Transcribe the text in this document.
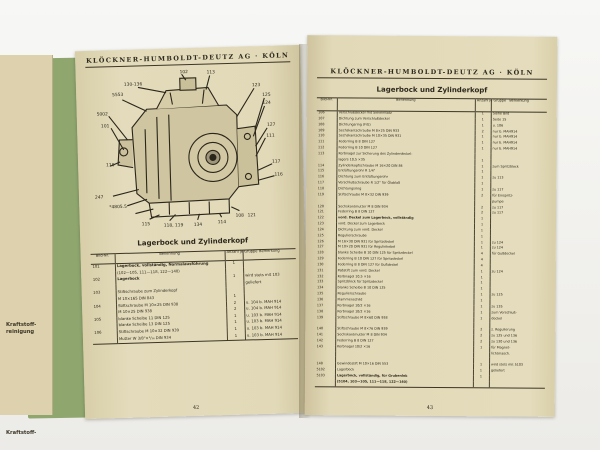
Kraftstoff-
reinigung
Kraftstoff-
KLÖCKNER-HUMBOLDT-DEUTZ AG · KÖLN
5553
130-136
102	113
123
125
124
5002
101	127
111
117
247
*4805.5
116
115	118, 119 134
114
108
110
121
Lagerbock und Zylinderkopf
Bild-Nr.	Benennung	Anzahl je Gruppe	Bemerkung
101	Lagerbock, vollständig, Normalausführung	1	
	(102—105, 111—118, 122—140)		
102	Lagerbock	1	wird stets mit 103
			geliefert
103	Stiftschraube zum Zylinderkopf		
	M 10×165 DIN 843	1	
104	Stiftschraube M 10×25 DIN 938	2	u. 104 b. MAH 914
	M 10×25 DIN 938	2	u. 104 b. MAH 914
105	blanke Scheibe 11 DIN 125	1	u. 103 b. MAH 914
	blanke Scheibe 13 DIN 125	1	u. 103 b. MAH 914
106	Stiftschraube M 10×32 DIN 939	1	u. 103 b. MAH 914
	Mutter W 3/8"×³/₁₆ DIN 934	1	u. 103 b. MAH 914
42
KLÖCKNER-HUMBOLDT-DEUTZ AG · KÖLN
Lagerbock und Zylinderkopf
Bild-Nr.	Benennung	Anzahl je Gruppe	Bemerkung
106	Verschlußdeckel mit Sieveinsatz	1	Siehe Bild
107	Dichtung zum Verschlußdeckel	1	Seite 15
108	Dichtungsring (Filz)	1	u. 106
109	Sechskantschraube M 8×25 DIN 933	2	nur b. MAH914
110	Sechskantschraube M 10×35 DIN 931	1	nur b. MAH914
111	Federring B 8 DIN 127	1	nur b. MAH914
112	Federring B 10 DIN 127	1	nur b. MAH914
113	Kerbnagel zur Sicherung des Zylinderdeckel-		
	lagers 10,5 ×35	1	
114	Zylinderkopfschraube M 16×20 DIN 84	1	zum Spritzblock
115	Entlüftungsrohr R 1/4"	1	
116	Dichtung zum Entlüftungsrohr	1	zu 113
117	Verschlußschraube R 1/2" für Ölablaß	1	
118	Dichtungsring	1	zu 117
119	Stiftschraube M 8×32 DIN 939	2	für Einspritz-
			pumpe
120	Sechskantmutter M 8 DIN 934	2	zu 117
121	Federring B 8 DIN 127	2	zu 117
122	vord. Deckel zum Lagerbock, vollständig	1	
123	vord. Deckel zum Lagerbock	1	
124	Dichtung zum vord. Deckel	1	
125	Regulierschraube	1	
126	M 16×30 DIN 931 für Spritzdeckel	1	zu 124
127	M 10×20 DIN 931 für Reguliehebel	1	zu 124
128	blanke Scheibe B 10 DIN 125 für Spritzdeckel	4	für Gußdeckel
129	Federring B 10 DIN 127 für Spritzdeckel	4	
130	Federring B 8 DIN 127 für Gußdeckel	4	
131	Paßstift zum vord. Deckel	1	zu 124
132	Kerbnagel 10,5 ×16	1	
133	Spritzblock für Spritzdeckel	1	
134	blanke Scheibe B 10 DIN 125	1	
135	Regulierschraube	1	zu 125
136	Flammenschild	1	
137	Kerbnagel 10/2 ×16	1	zu 135
138	Kerbnagel 10/2 ×16	1	zum Verschluß-
139	Stiftschraube M 8×60 DIN 938	1	deckel

140	Stiftschraube M 8×76 DIN 939	2	z. Regulierung
141	Sechskantmutter M 8 DIN 934	2	zu 125 und 136
142	Federring B 8 DIN 127	2	zu 130 und 136
143	Kerbnagel 10/2 ×16	1	für Magnet-
			lichtmasch.

148	Gewindestift M 10×16 DIN 553	1	wird stets mit 5103
5102	Lagerbock	1	geliefert
5103	Lagerbock, vollständig, für Grubenlok	1	
	(5104, 103—105, 111—118, 122—140)		
43
